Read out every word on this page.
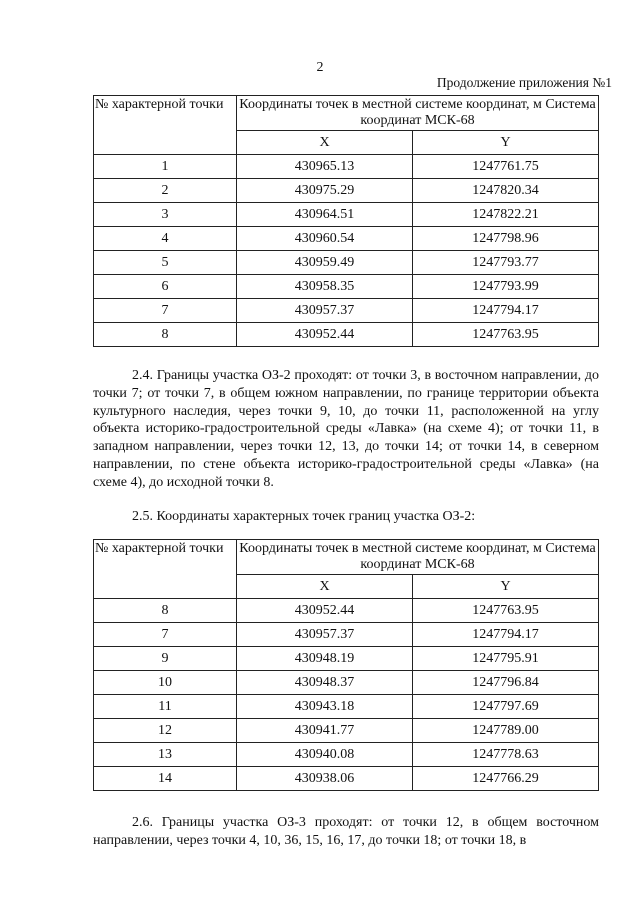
2
Продолжение приложения №1
№ характерной точки	Координаты точек в местной системе координат, м Система координат МСК-68	
	X	Y
1	430965.13	1247761.75
2	430975.29	1247820.34
3	430964.51	1247822.21
4	430960.54	1247798.96
5	430959.49	1247793.77
6	430958.35	1247793.99
7	430957.37	1247794.17
8	430952.44	1247763.95

2.4. Границы участка ОЗ-2 проходят: от точки 3, в восточном направлении, до точки 7; от точки 7, в общем южном направлении, по границе территории объекта культурного наследия, через точки 9, 10, до точки 11, расположенной на углу объекта историко-градостроительной среды «Лавка» (на схеме 4); от точки 11, в западном направлении, через точки 12, 13, до точки 14; от точки 14, в северном направлении, по стене объекта историко-градостроительной среды «Лавка» (на схеме 4), до исходной точки 8.

2.5. Координаты характерных точек границ участка ОЗ-2:

№ характерной точки	Координаты точек в местной системе координат, м Система координат МСК-68	
	X	Y
8	430952.44	1247763.95
7	430957.37	1247794.17
9	430948.19	1247795.91
10	430948.37	1247796.84
11	430943.18	1247797.69
12	430941.77	1247789.00
13	430940.08	1247778.63
14	430938.06	1247766.29

2.6. Границы участка ОЗ-3 проходят: от точки 12, в общем восточном направлении, через точки 4, 10, 36, 15, 16, 17, до точки 18; от точки 18, в
